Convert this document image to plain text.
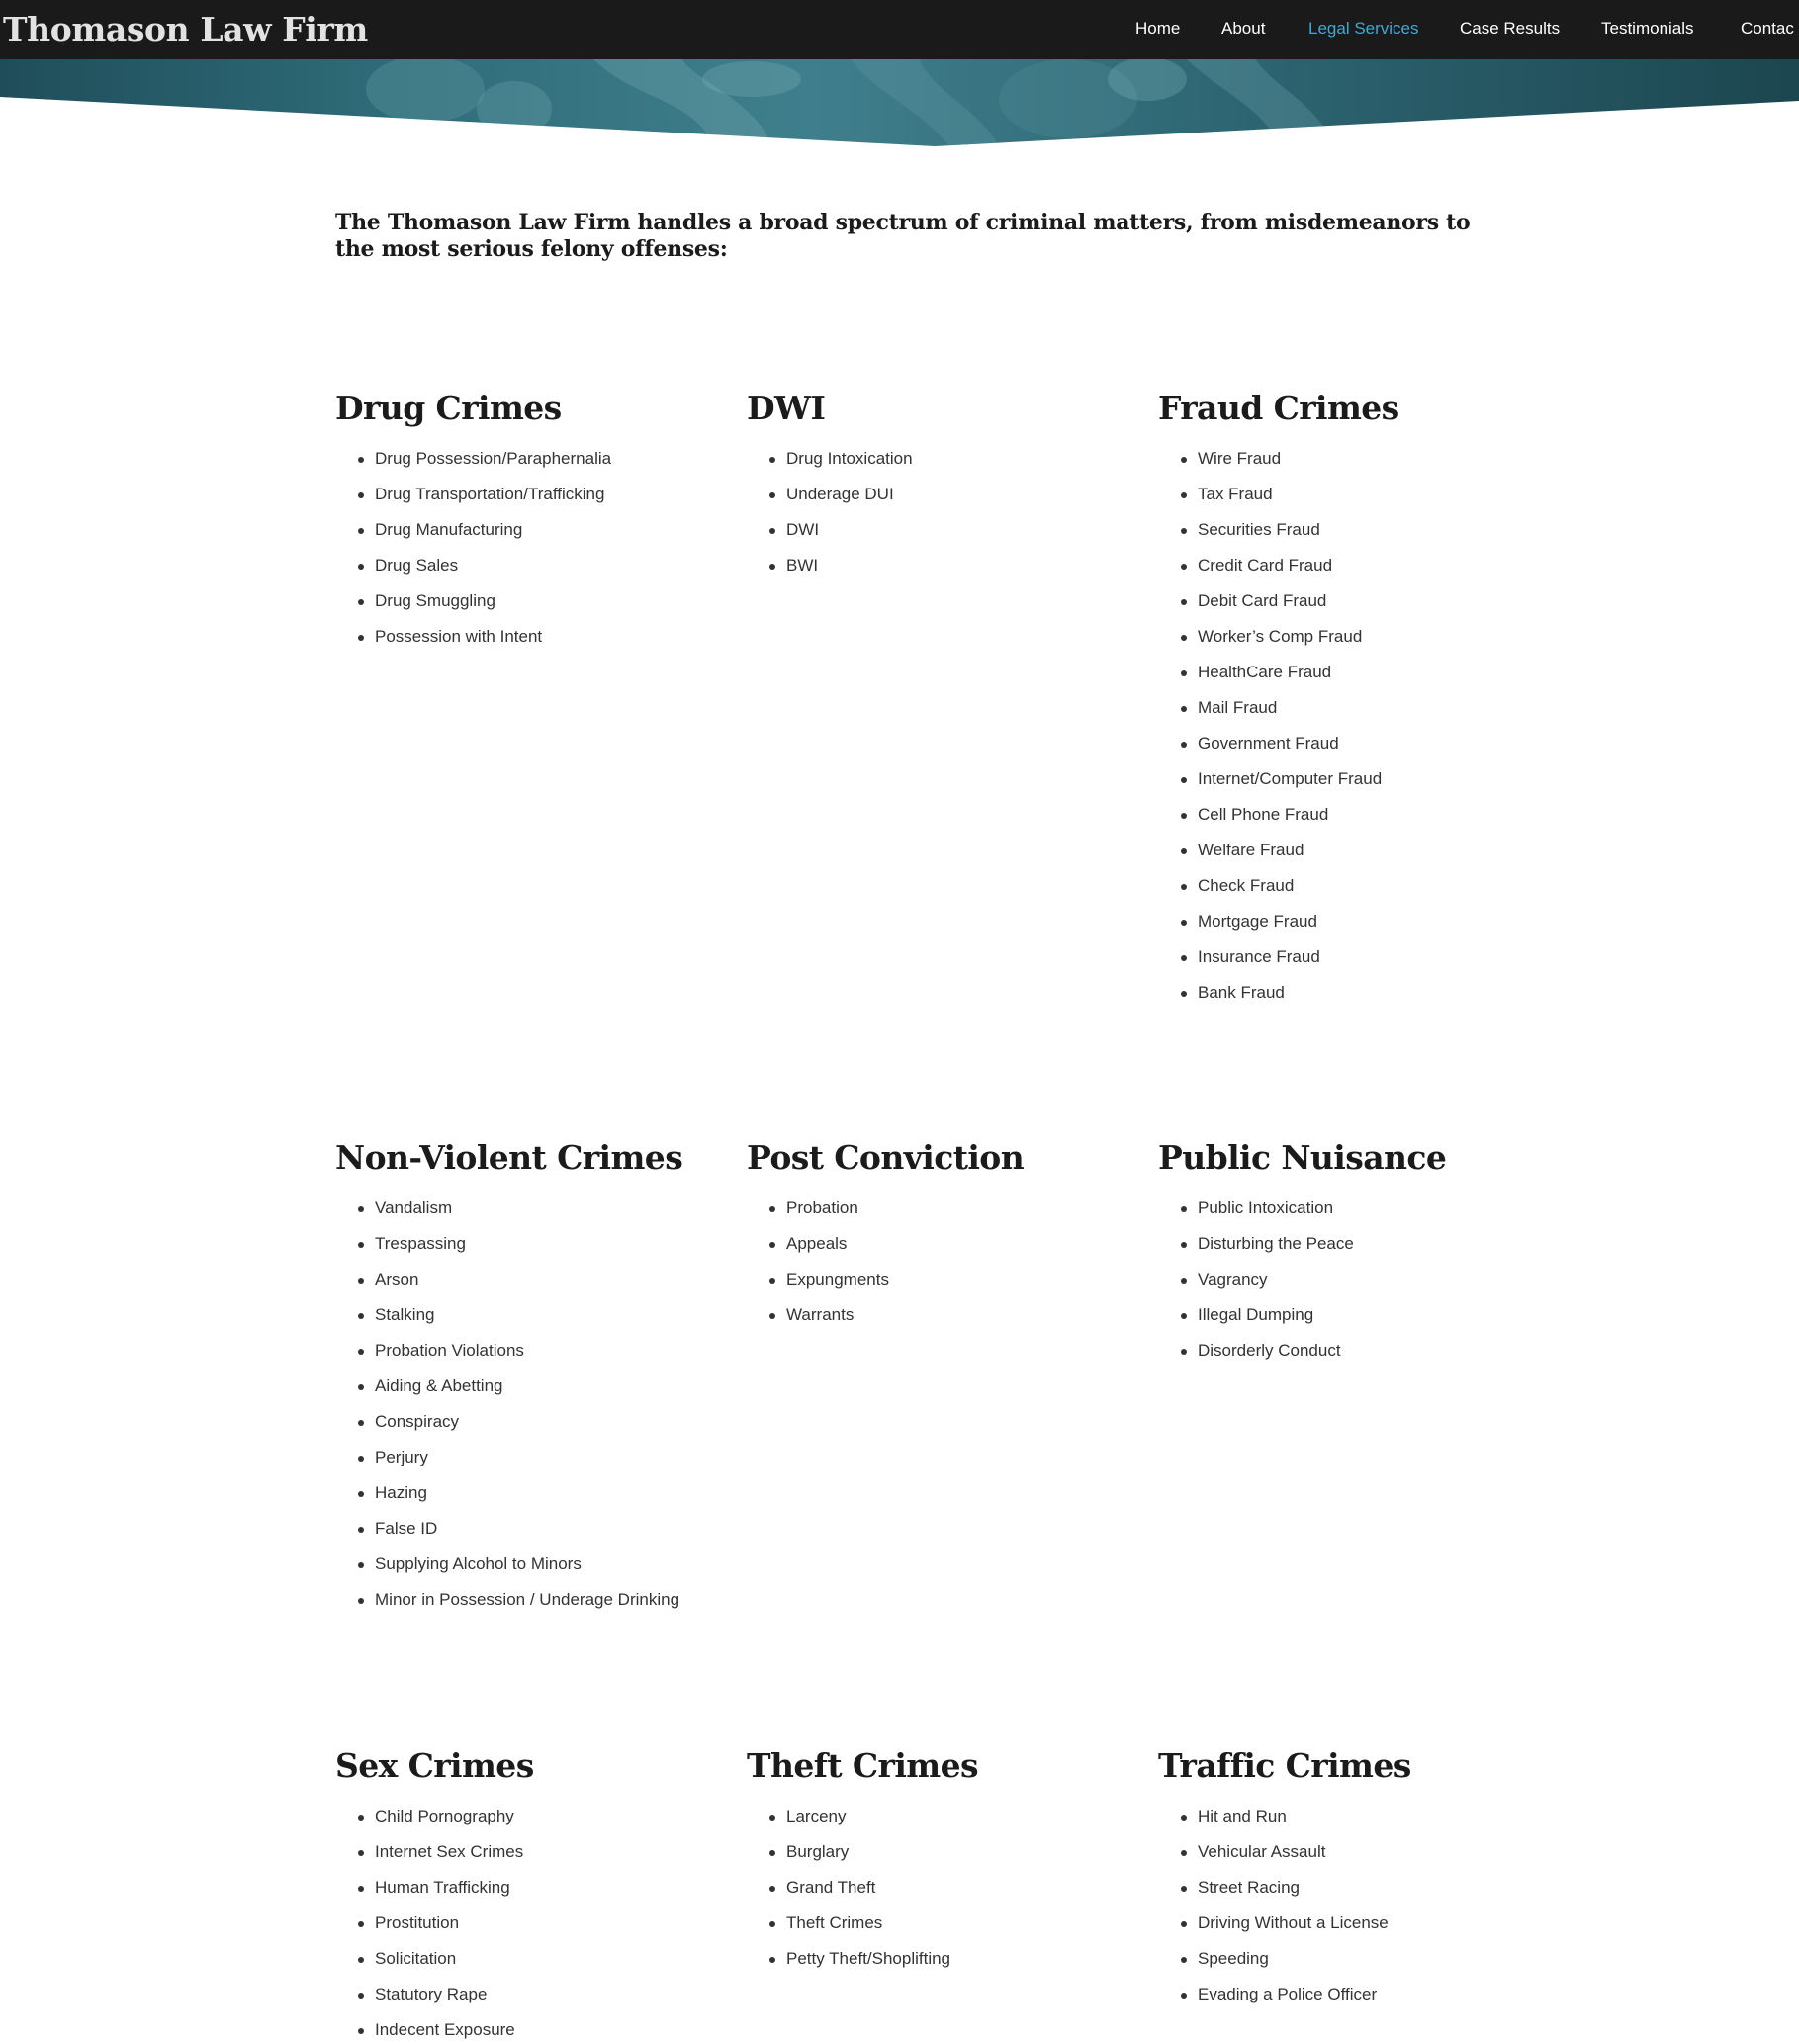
Thomason Law Firm	Home About	Legal Services Case Results Testimonials	Contac

The Thomason Law Firm handles a broad spectrum of criminal matters, from misdemeanors to the most serious felony offenses:

Drug Crimes
Drug Possession/Paraphernalia
Drug Transportation/Trafficking
Drug Manufacturing
Drug Sales
Drug Smuggling
Possession with Intent
DWI
Drug Intoxication
Underage DUI
DWI
BWI
Fraud Crimes
Wire Fraud
Tax Fraud
Securities Fraud
Credit Card Fraud
Debit Card Fraud
Worker’s Comp Fraud
HealthCare Fraud
Mail Fraud
Government Fraud
Internet/Computer Fraud
Cell Phone Fraud
Welfare Fraud
Check Fraud
Mortgage Fraud
Insurance Fraud
Bank Fraud
Non-Violent Crimes
Vandalism
Trespassing
Arson
Stalking
Probation Violations
Aiding & Abetting
Conspiracy
Perjury
Hazing
False ID
Supplying Alcohol to Minors
Minor in Possession / Underage Drinking
Post Conviction
Probation
Appeals
Expungments
Warrants
Public Nuisance
Public Intoxication
Disturbing the Peace
Vagrancy
Illegal Dumping
Disorderly Conduct
Sex Crimes
Child Pornography
Internet Sex Crimes
Human Trafficking
Prostitution
Solicitation
Statutory Rape
Indecent Exposure
Theft Crimes
Larceny
Burglary
Grand Theft
Theft Crimes
Petty Theft/Shoplifting
Traffic Crimes
Hit and Run
Vehicular Assault
Street Racing
Driving Without a License
Speeding
Evading a Police Officer
